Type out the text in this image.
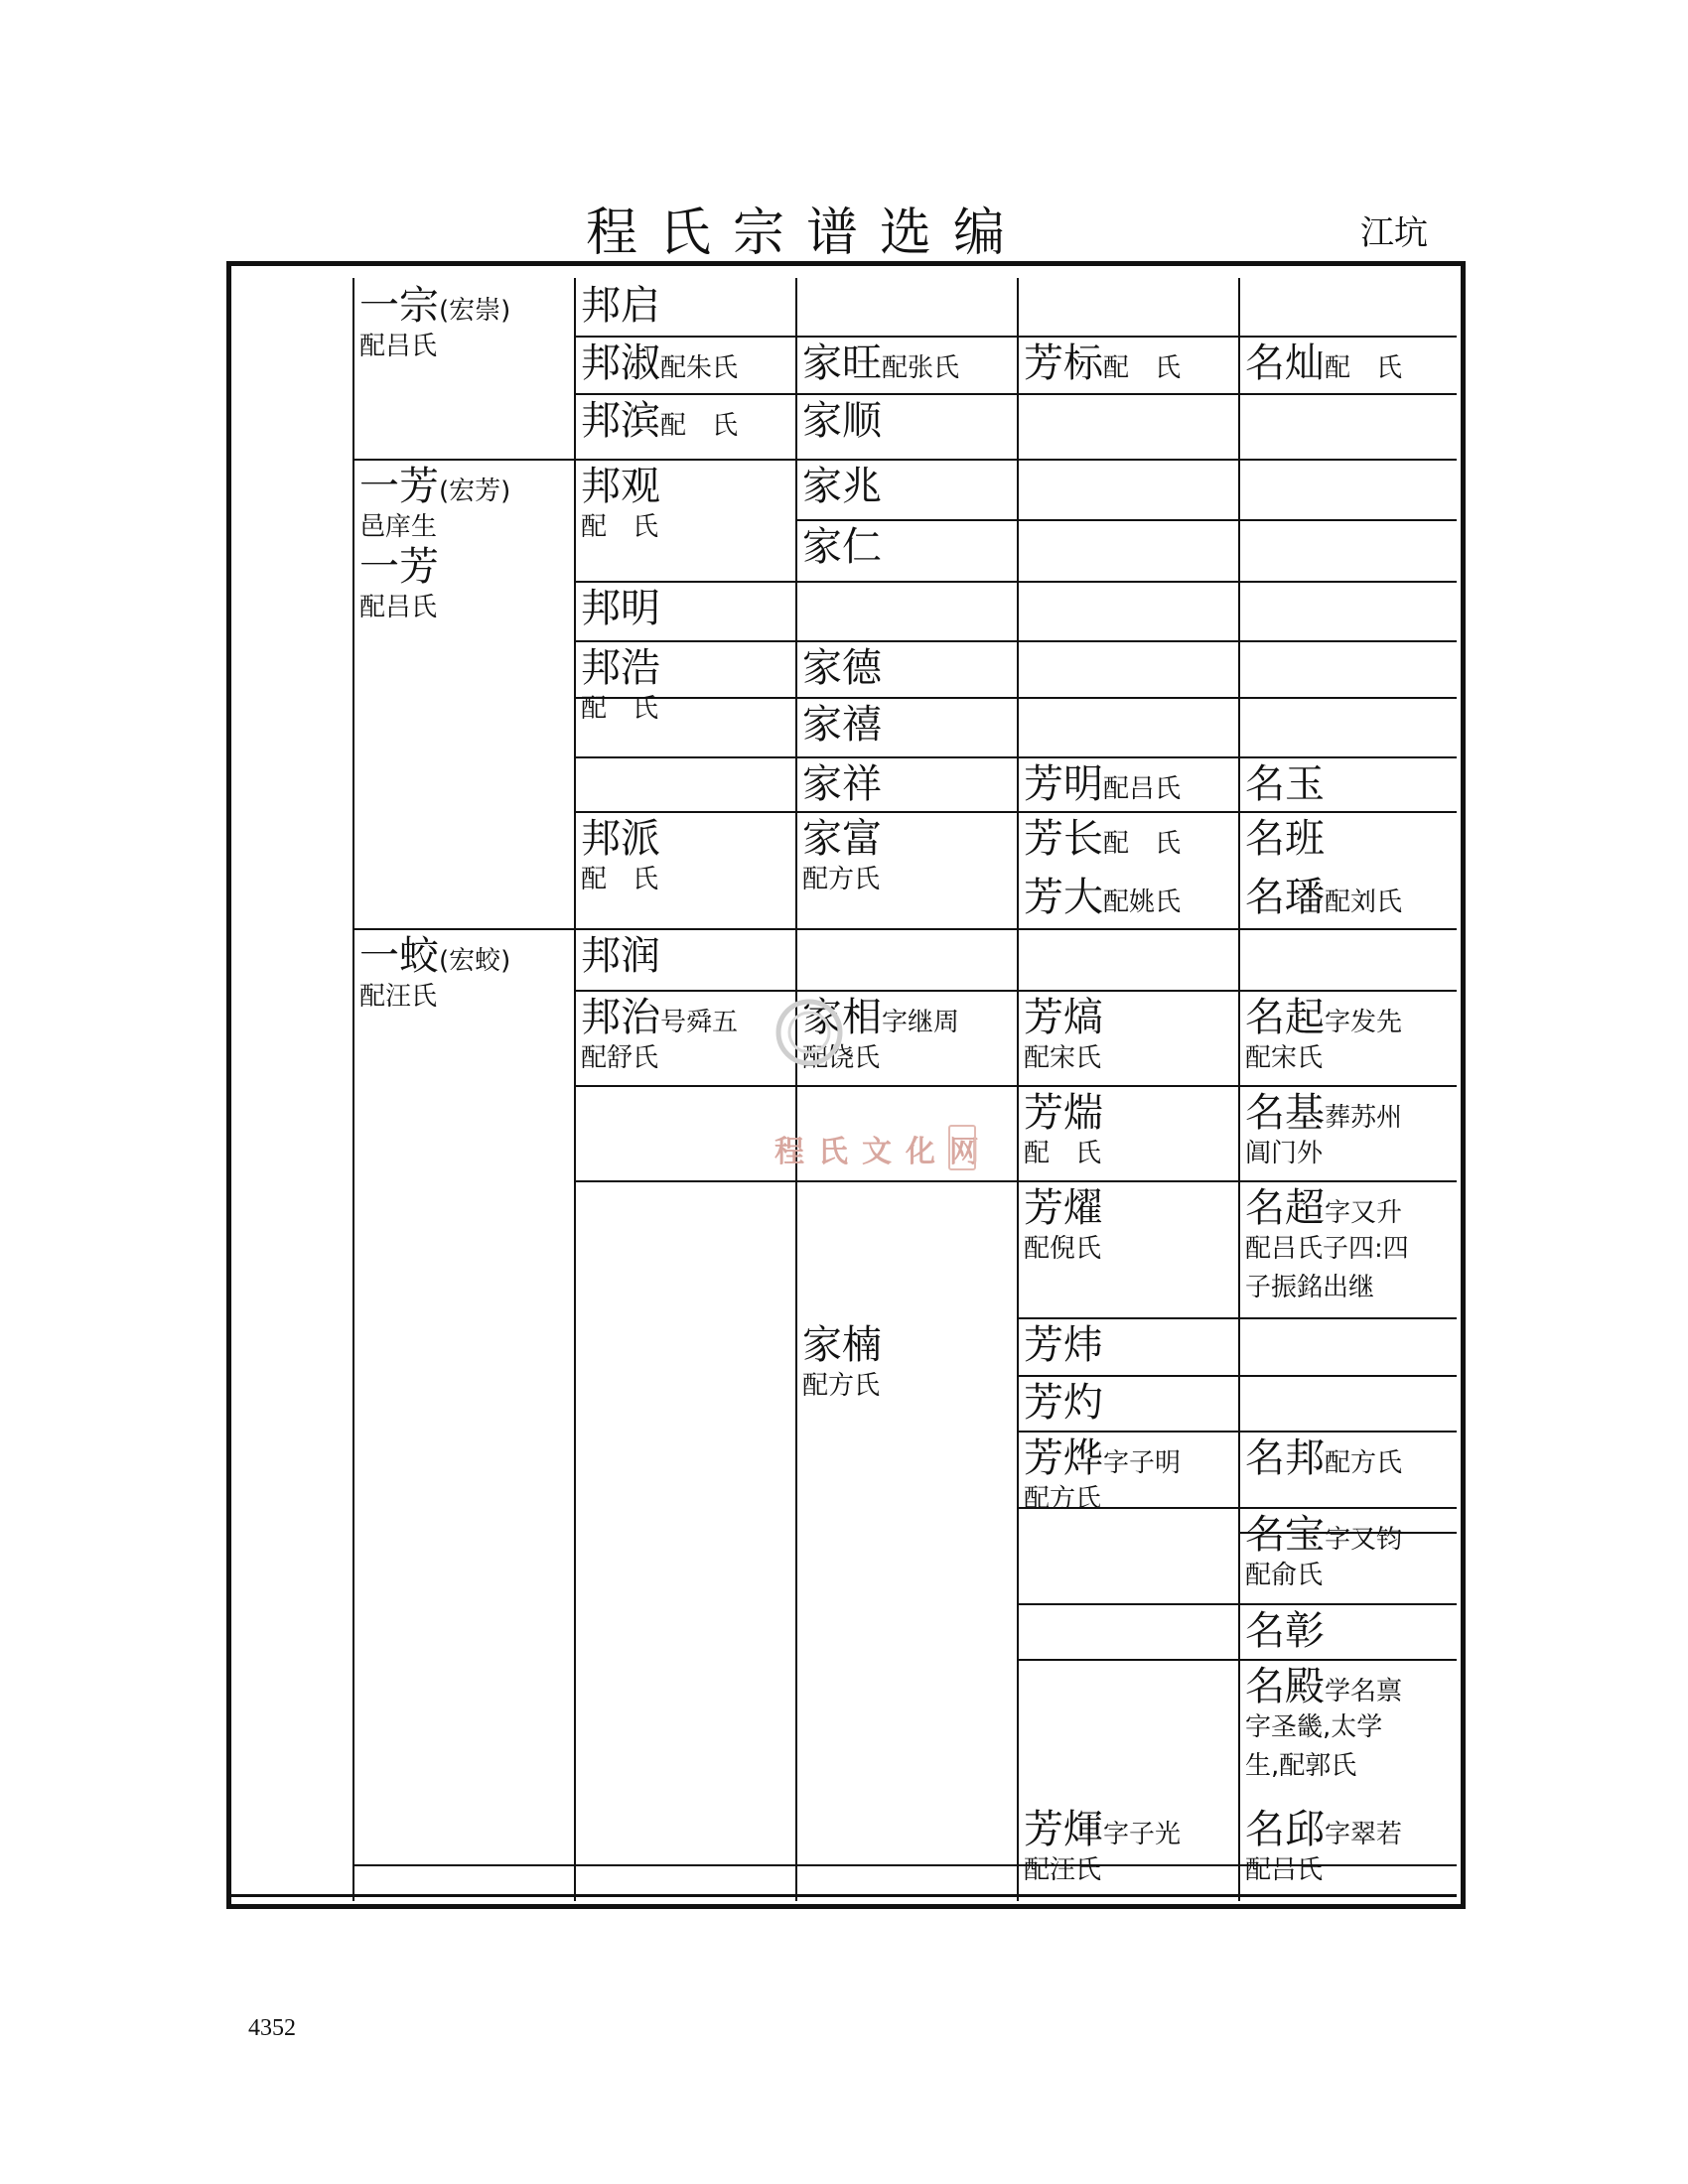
程氏宗谱选编	江坑
一宗(宏崇)
配吕氏
一芳(宏芳)
邑庠生
一芳
配吕氏
一蛟(宏蛟)
配汪氏
邦启
邦淑配朱氏
邦滨配 氏
邦观
配 氏
邦明
邦浩
配 氏
邦派
配 氏
邦润
邦治号舜五
配舒氏
家旺配张氏
家顺
家兆
家仁
家德
家禧
家祥
家富
配方氏
家相字继周
配饶氏
家楠
配方氏
芳标配 氏
芳明配吕氏
芳长配 氏
芳大配姚氏
芳熇
配宋氏
芳煓
配 氏
芳燿
配倪氏
芳炜
芳灼
芳烨字子明
配方氏
芳煇字子光
配汪氏
名灿配 氏
名玉
名班
名璠配刘氏
名起字发先
配宋氏
名基葬苏州
阊门外
名超字又升
配吕氏子四:四
子振銘出继
名邦配方氏
名宝字又钧
配俞氏
名彰
名殿学名禀
字圣畿,太学
生,配郭氏
名邱字翠若
配吕氏
程氏文化网
4352
